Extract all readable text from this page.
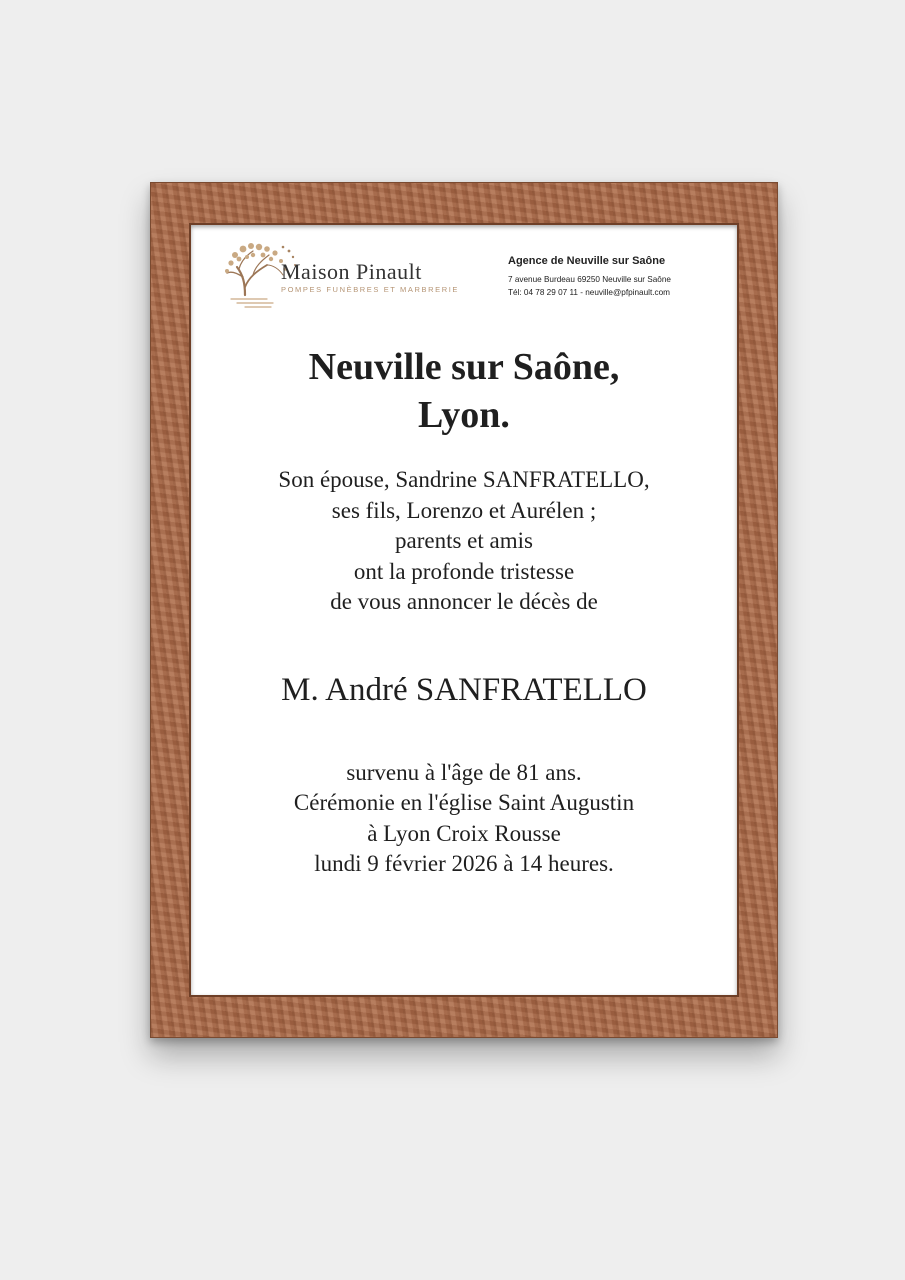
Maison Pinault
POMPES FUNÈBRES ET MARBRERIE
Agence de Neuville sur Saône
7 avenue Burdeau 69250 Neuville sur Saône
Tél: 04 78 29 07 11 - neuville@pfpinault.com
Neuville sur Saône,
Lyon.
Son épouse, Sandrine SANFRATELLO,
ses fils, Lorenzo et Aurélen ;
parents et amis
ont la profonde tristesse
de vous annoncer le décès de
M. André SANFRATELLO
survenu à l'âge de 81 ans.
Cérémonie en l'église Saint Augustin
à Lyon Croix Rousse
lundi 9 février 2026 à 14 heures.
